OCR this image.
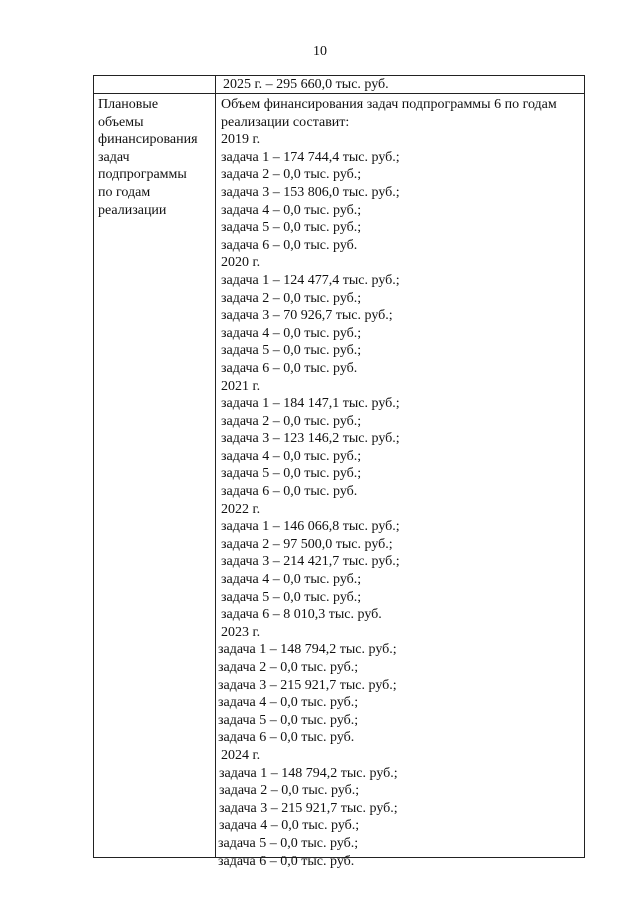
10
2025 г. – 295 660,0 тыс. руб.
Плановые
объемы
финансирования
задач
подпрограммы
по годам
реализации
Объем финансирования задач подпрограммы 6 по годам реализации составит:
2019 г.
задача 1 – 174 744,4 тыс. руб.;
задача 2 – 0,0 тыс. руб.;
задача 3 – 153 806,0 тыс. руб.;
задача 4 – 0,0 тыс. руб.;
задача 5 – 0,0 тыс. руб.;
задача 6 – 0,0 тыс. руб.
2020 г.
задача 1 – 124 477,4 тыс. руб.;
задача 2 – 0,0 тыс. руб.;
задача 3 – 70 926,7 тыс. руб.;
задача 4 – 0,0 тыс. руб.;
задача 5 – 0,0 тыс. руб.;
задача 6 – 0,0 тыс. руб.
2021 г.
задача 1 – 184 147,1 тыс. руб.;
задача 2 – 0,0 тыс. руб.;
задача 3 – 123 146,2 тыс. руб.;
задача 4 – 0,0 тыс. руб.;
задача 5 – 0,0 тыс. руб.;
задача 6 – 0,0 тыс. руб.
2022 г.
задача 1 – 146 066,8 тыс. руб.;
задача 2 – 97 500,0 тыс. руб.;
задача 3 – 214 421,7 тыс. руб.;
задача 4 – 0,0 тыс. руб.;
задача 5 – 0,0 тыс. руб.;
задача 6 – 8 010,3 тыс. руб.
2023 г.
задача 1 – 148 794,2 тыс. руб.;
задача 2 – 0,0 тыс. руб.;
задача 3 – 215 921,7 тыс. руб.;
задача 4 – 0,0 тыс. руб.;
задача 5 – 0,0 тыс. руб.;
задача 6 – 0,0 тыс. руб.
2024 г.
задача 1 – 148 794,2 тыс. руб.;
задача 2 – 0,0 тыс. руб.;
задача 3 – 215 921,7 тыс. руб.;
задача 4 – 0,0 тыс. руб.;
задача 5 – 0,0 тыс. руб.;
задача 6 – 0,0 тыс. руб.
